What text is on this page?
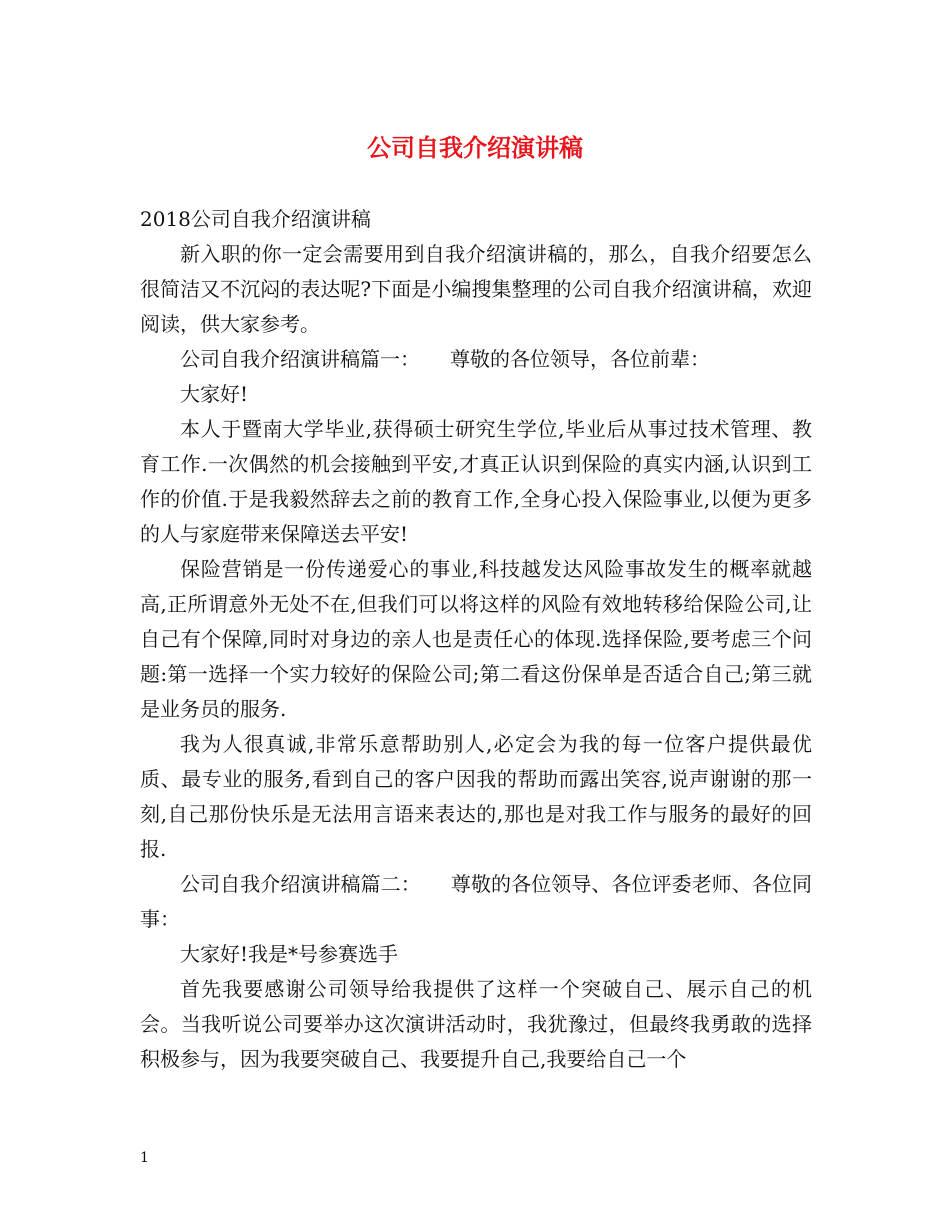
公司自我介绍演讲稿

2018公司自我介绍演讲稿

新入职的你一定会需要用到自我介绍演讲稿的，那么，自我介绍要怎么很简洁又不沉闷的表达呢?下面是小编搜集整理的公司自我介绍演讲稿，欢迎阅读，供大家参考。

公司自我介绍演讲稿篇一：　　尊敬的各位领导，各位前辈：

大家好!

本人于暨南大学毕业,获得硕士研究生学位,毕业后从事过技术管理、教育工作.一次偶然的机会接触到平安,才真正认识到保险的真实内涵,认识到工作的价值.于是我毅然辞去之前的教育工作,全身心投入保险事业,以便为更多的人与家庭带来保障送去平安!

保险营销是一份传递爱心的事业,科技越发达风险事故发生的概率就越高,正所谓意外无处不在,但我们可以将这样的风险有效地转移给保险公司,让自己有个保障,同时对身边的亲人也是责任心的体现.选择保险,要考虑三个问题:第一选择一个实力较好的保险公司;第二看这份保单是否适合自己;第三就是业务员的服务.

我为人很真诚,非常乐意帮助别人,必定会为我的每一位客户提供最优质、最专业的服务,看到自己的客户因我的帮助而露出笑容,说声谢谢的那一刻,自己那份快乐是无法用言语来表达的,那也是对我工作与服务的最好的回报.

公司自我介绍演讲稿篇二：　　尊敬的各位领导、各位评委老师、各位同事：

大家好!我是*号参赛选手

首先我要感谢公司领导给我提供了这样一个突破自己、展示自己的机会。当我听说公司要举办这次演讲活动时，我犹豫过，但最终我勇敢的选择积极参与，因为我要突破自己、我要提升自己,我要给自己一个

1
